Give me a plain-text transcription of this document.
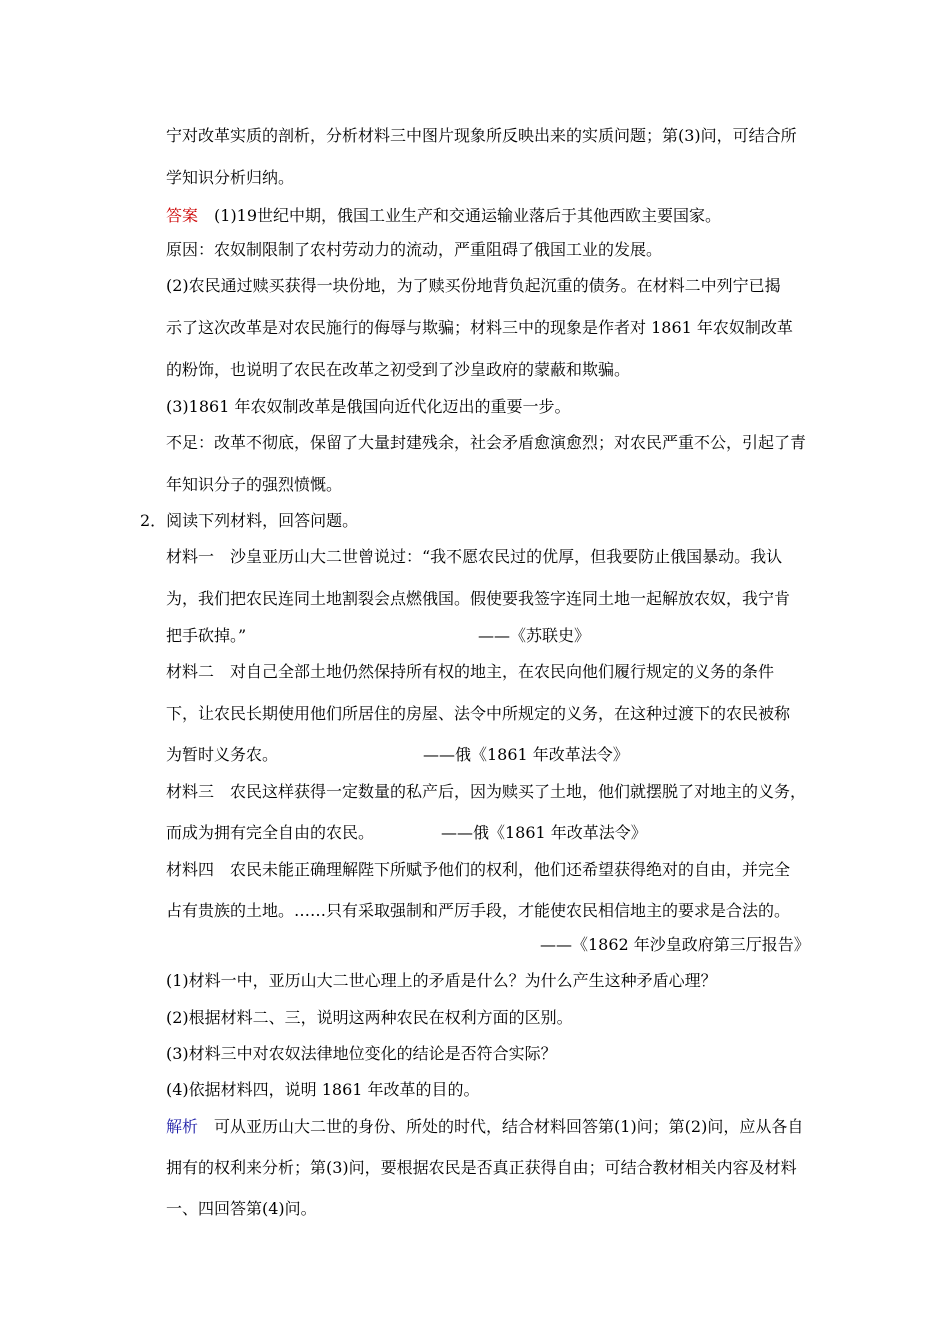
宁对改革实质的剖析，分析材料三中图片现象所反映出来的实质问题；第(3)问，可结合所
学知识分析归纳。
答案　(1)19世纪中期，俄国工业生产和交通运输业落后于其他西欧主要国家。
原因：农奴制限制了农村劳动力的流动，严重阻碍了俄国工业的发展。
(2)农民通过赎买获得一块份地，为了赎买份地背负起沉重的债务。在材料二中列宁已揭
示了这次改革是对农民施行的侮辱与欺骗；材料三中的现象是作者对 1861 年农奴制改革
的粉饰，也说明了农民在改革之初受到了沙皇政府的蒙蔽和欺骗。
(3)1861 年农奴制改革是俄国向近代化迈出的重要一步。
不足：改革不彻底，保留了大量封建残余，社会矛盾愈演愈烈；对农民严重不公，引起了青
年知识分子的强烈愤慨。
2．阅读下列材料，回答问题。
材料一　沙皇亚历山大二世曾说过：“我不愿农民过的优厚，但我要防止俄国暴动。我认
为，我们把农民连同土地割裂会点燃俄国。假使要我签字连同土地一起解放农奴，我宁肯
把手砍掉。”	——《苏联史》
材料二　对自己全部土地仍然保持所有权的地主，在农民向他们履行规定的义务的条件
下，让农民长期使用他们所居住的房屋、法令中所规定的义务，在这种过渡下的农民被称
为暂时义务农。	——俄《1861 年改革法令》
材料三　农民这样获得一定数量的私产后，因为赎买了土地，他们就摆脱了对地主的义务，
而成为拥有完全自由的农民。	——俄《1861 年改革法令》
材料四　农民未能正确理解陛下所赋予他们的权利，他们还希望获得绝对的自由，并完全
占有贵族的土地。……只有采取强制和严厉手段，才能使农民相信地主的要求是合法的。
——《1862 年沙皇政府第三厅报告》
(1)材料一中，亚历山大二世心理上的矛盾是什么？为什么产生这种矛盾心理？
(2)根据材料二、三，说明这两种农民在权利方面的区别。
(3)材料三中对农奴法律地位变化的结论是否符合实际？
(4)依据材料四，说明 1861 年改革的目的。
解析　可从亚历山大二世的身份、所处的时代，结合材料回答第(1)问；第(2)问，应从各自
拥有的权利来分析；第(3)问，要根据农民是否真正获得自由；可结合教材相关内容及材料
一、四回答第(4)问。
